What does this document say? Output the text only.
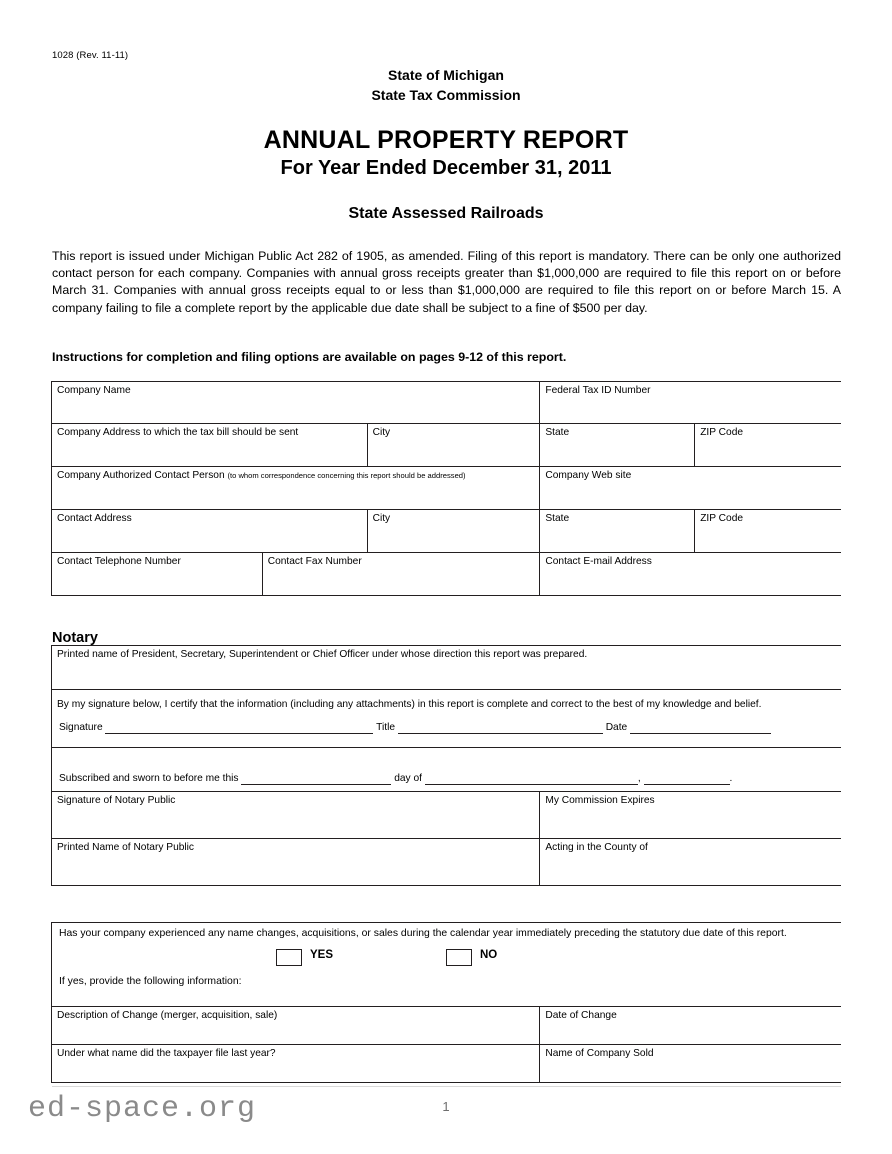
1028 (Rev. 11-11)
State of Michigan
State Tax Commission
ANNUAL PROPERTY REPORT
For Year Ended December 31, 2011
State Assessed Railroads
This report is issued under Michigan Public Act 282 of 1905, as amended. Filing of this report is mandatory. There can be only one authorized contact person for each company. Companies with annual gross receipts greater than $1,000,000 are required to file this report on or before March 31. Companies with annual gross receipts equal to or less than $1,000,000 are required to file this report on or before March 15. A company failing to file a complete report by the applicable due date shall be subject to a fine of $500 per day.
Instructions for completion and filing options are available on pages 9-12 of this report.
Company Name	Federal Tax ID Number
Company Address to which the tax bill should be sent	City	State	ZIP Code
Company Authorized Contact Person (to whom correspondence concerning this report should be addressed)	Company Web site
Contact Address	City	State	ZIP Code
Contact Telephone Number	Contact Fax Number	Contact E-mail Address
Notary
Printed name of President, Secretary, Superintendent or Chief Officer under whose direction this report was prepared.
By my signature below, I certify that the information (including any attachments) in this report is complete and correct to the best of my knowledge and belief.
Signature	Title	Date
Subscribed and sworn to before me this	day of	,	.
Signature of Notary Public	My Commission Expires
Printed Name of Notary Public	Acting in the County of
Has your company experienced any name changes, acquisitions, or sales during the calendar year immediately preceding the statutory due date of this report.
YES	NO
If yes, provide the following information:
Description of Change (merger, acquisition, sale)	Date of Change
Under what name did the taxpayer file last year?	Name of Company Sold
ed-space.org	1
